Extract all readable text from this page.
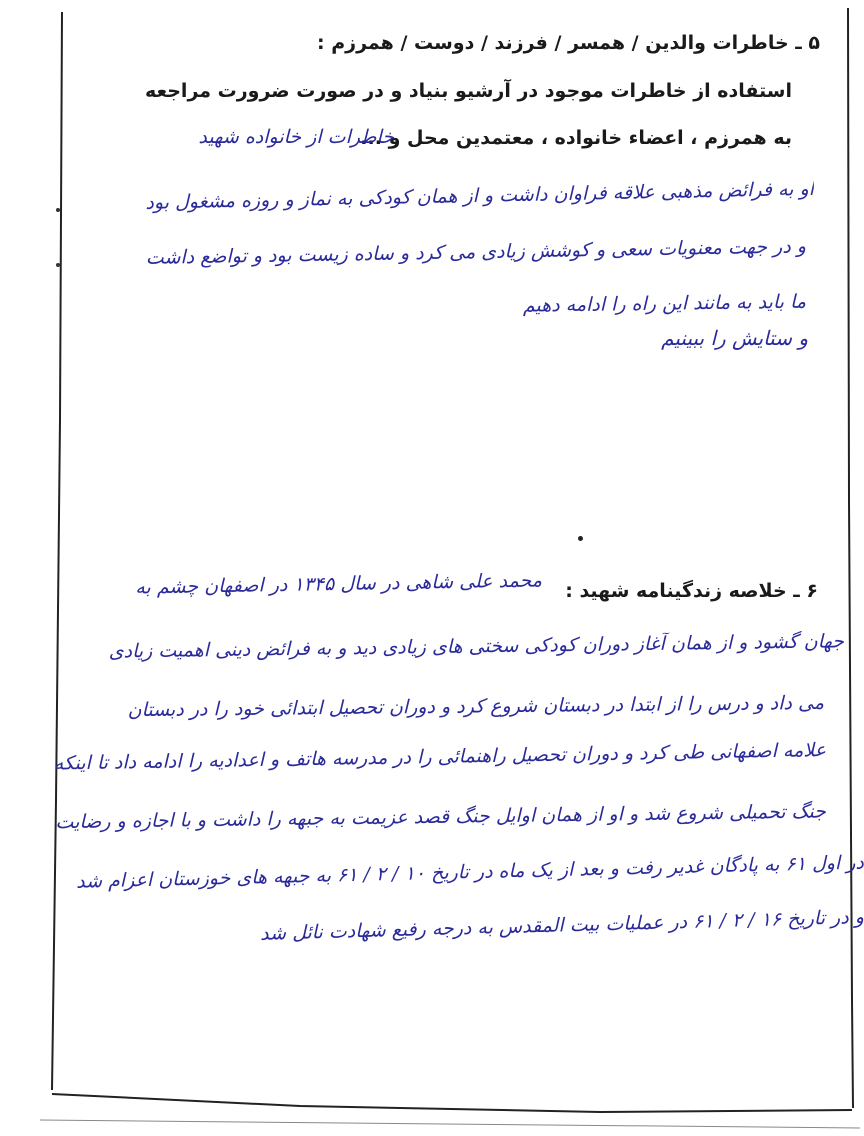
۵ ـ خاطرات والدین / همسر / فرزند / دوست / همرزم :
استفاده از خاطرات موجود در آرشیو بنیاد و در صورت ضرورت مراجعه
به همرزم ، اعضاء خانواده ، معتمدین محل و ...
خاطرات از خانواده شهید
او به فرائض مذهبی علاقه فراوان داشت و از همان کودکی به نماز و روزه مشغول بود
و در جهت معنویات سعی و کوشش زیادی می کرد و ساده زیست بود و تواضع داشت
ما باید به مانند این راه را ادامه دهیم
و ستایش را ببینیم
۶ ـ خلاصه زندگینامه شهید :
محمد علی شاهی در سال ۱۳۴۵ در اصفهان چشم به
جهان گشود و از همان آغاز دوران کودکی سختی های زیادی دید و به فرائض دینی اهمیت زیادی
می داد و درس را از ابتدا در دبستان شروع کرد و دوران تحصیل ابتدائی خود را در دبستان
علامه اصفهانی طی کرد و دوران تحصیل راهنمائی را در مدرسه هاتف و اعدادیه را ادامه داد تا اینکه
جنگ تحمیلی شروع شد و او از همان اوایل جنگ قصد عزیمت به جبهه را داشت و با اجازه و رضایت
در اول ۶۱ به پادگان غدیر رفت و بعد از یک ماه در تاریخ ۱۰ / ۲ / ۶۱ به جبهه های خوزستان اعزام شد
و در تاریخ ۱۶ / ۲ / ۶۱ در عملیات بیت المقدس به درجه رفیع شهادت نائل شد
